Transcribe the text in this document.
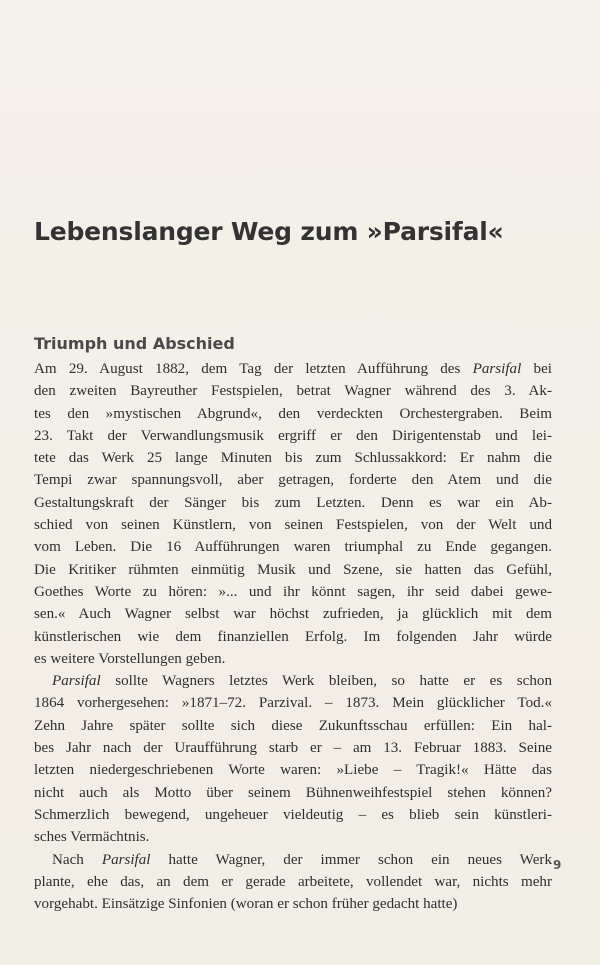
Lebenslanger Weg zum »Parsifal«
Triumph und Abschied
Am 29. August 1882, dem Tag der letzten Aufführung des Parsifal bei
den zweiten Bayreuther Festspielen, betrat Wagner während des 3. Ak-
tes den »mystischen Abgrund«, den verdeckten Orchestergraben. Beim
23. Takt der Verwandlungsmusik ergriff er den Dirigentenstab und lei-
tete das Werk 25 lange Minuten bis zum Schlussakkord: Er nahm die
Tempi zwar spannungsvoll, aber getragen, forderte den Atem und die
Gestaltungskraft der Sänger bis zum Letzten. Denn es war ein Ab-
schied von seinen Künstlern, von seinen Festspielen, von der Welt und
vom Leben. Die 16 Aufführungen waren triumphal zu Ende gegangen.
Die Kritiker rühmten einmütig Musik und Szene, sie hatten das Gefühl,
Goethes Worte zu hören: »... und ihr könnt sagen, ihr seid dabei gewe-
sen.« Auch Wagner selbst war höchst zufrieden, ja glücklich mit dem
künstlerischen wie dem finanziellen Erfolg. Im folgenden Jahr würde
es weitere Vorstellungen geben.
Parsifal sollte Wagners letztes Werk bleiben, so hatte er es schon
1864 vorhergesehen: »1871–72. Parzival. – 1873. Mein glücklicher Tod.«
Zehn Jahre später sollte sich diese Zukunftsschau erfüllen: Ein hal-
bes Jahr nach der Uraufführung starb er – am 13. Februar 1883. Seine
letzten niedergeschriebenen Worte waren: »Liebe – Tragik!« Hätte das
nicht auch als Motto über seinem Bühnenweihfestspiel stehen können?
Schmerzlich bewegend, ungeheuer vieldeutig – es blieb sein künstleri-
sches Vermächtnis.
Nach Parsifal hatte Wagner, der immer schon ein neues Werk
plante, ehe das, an dem er gerade arbeitete, vollendet war, nichts mehr
vorgehabt. Einsätzige Sinfonien (woran er schon früher gedacht hatte)
9
